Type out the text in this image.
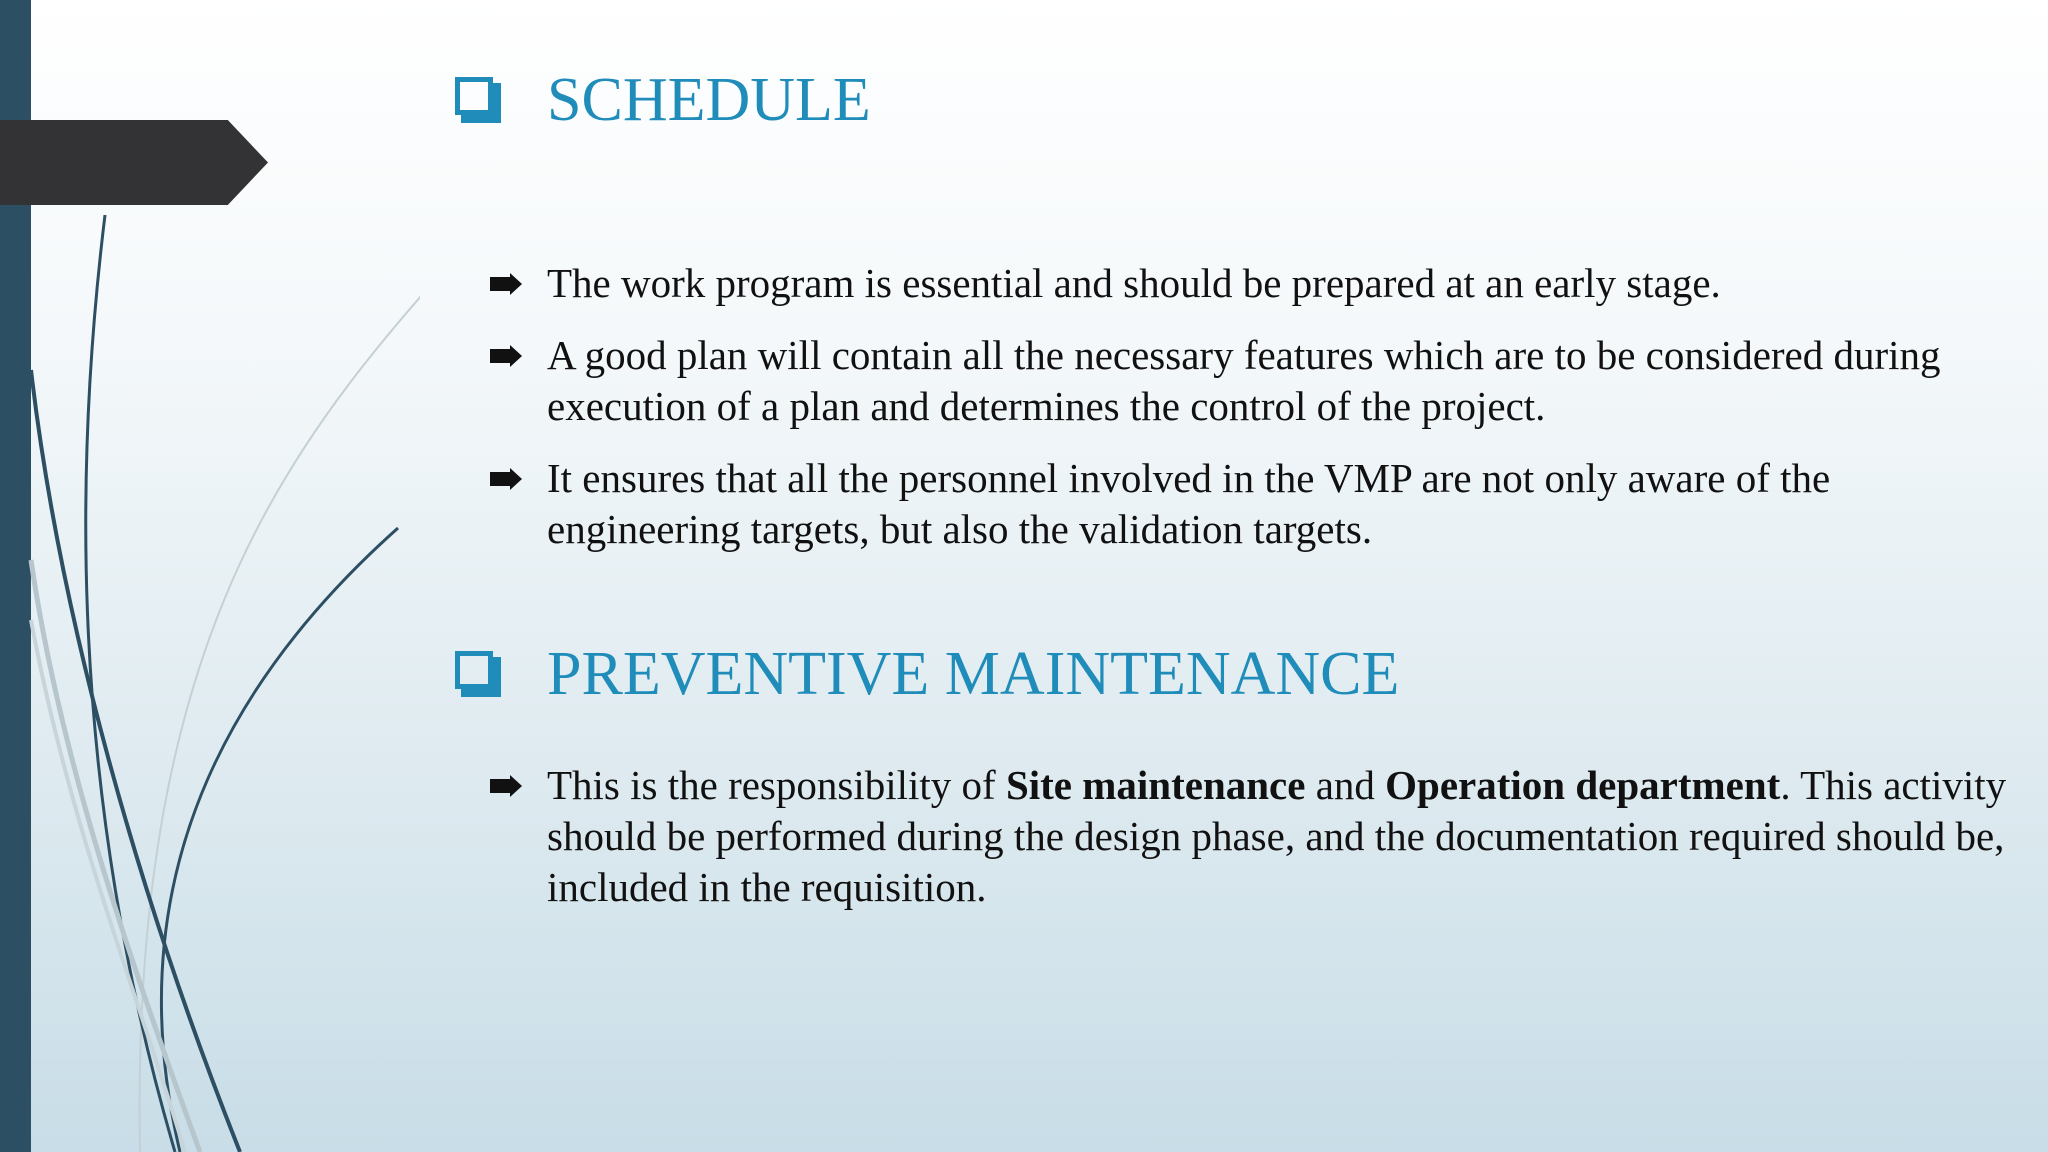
SCHEDULE
The work program is essential and should be prepared at an early stage.
A good plan will contain all the necessary features which are to be considered during execution of a plan and determines the control of the project.
It ensures that all the personnel involved in the VMP are not only aware of the engineering targets, but also the validation targets.
PREVENTIVE MAINTENANCE
This is the responsibility of Site maintenance and Operation department. This activity should be performed during the design phase, and the documentation required should be, included in the requisition.
